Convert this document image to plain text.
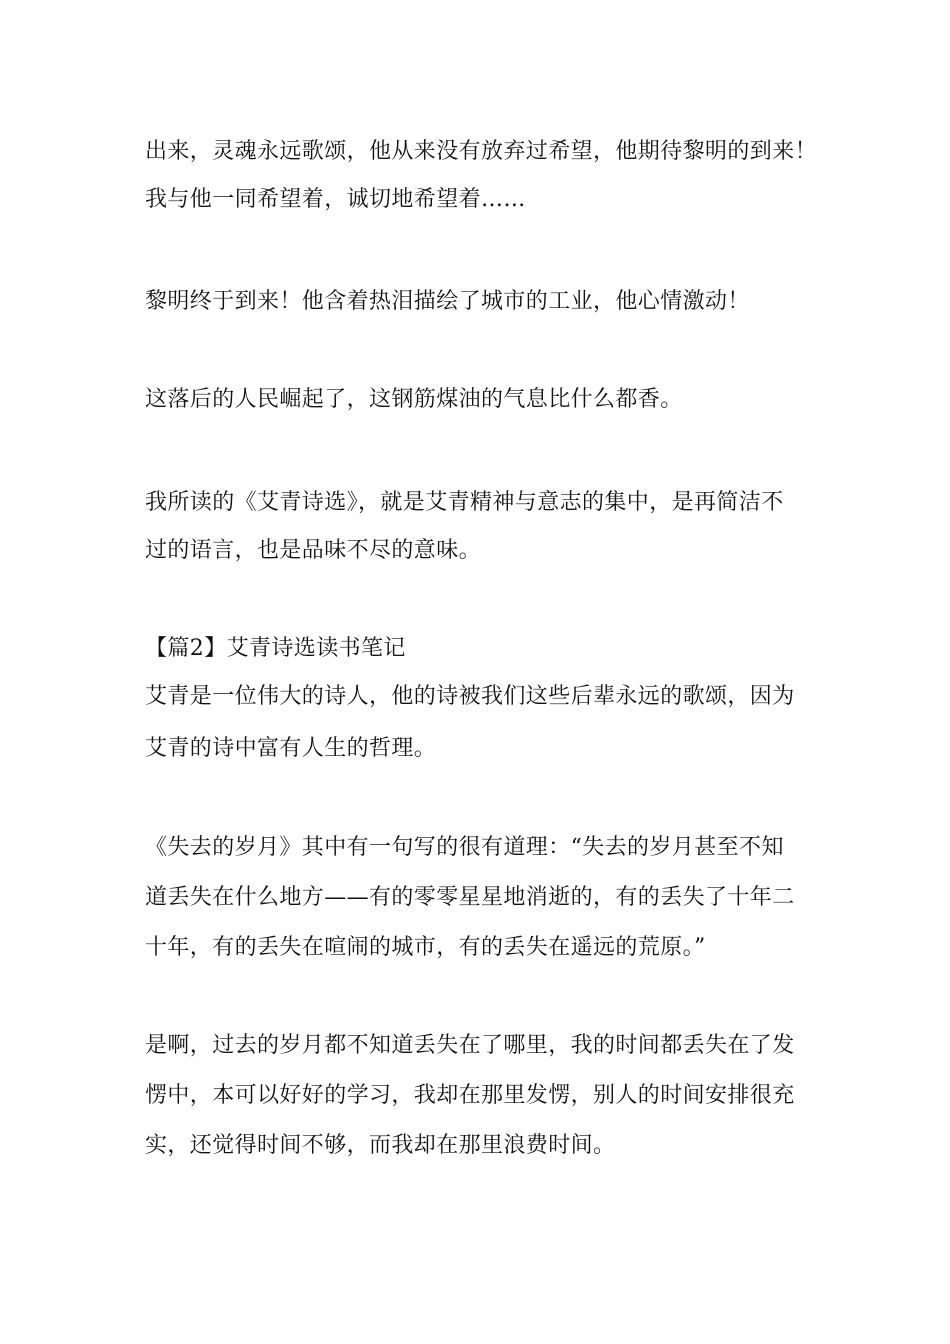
出来，灵魂永远歌颂，他从来没有放弃过希望，他期待黎明的到来！
我与他一同希望着，诚切地希望着……
黎明终于到来！他含着热泪描绘了城市的工业，他心情激动！
这落后的人民崛起了，这钢筋煤油的气息比什么都香。
我所读的《艾青诗选》，就是艾青精神与意志的集中，是再简洁不
过的语言，也是品味不尽的意味。
【篇2】艾青诗选读书笔记
艾青是一位伟大的诗人，他的诗被我们这些后辈永远的歌颂，因为
艾青的诗中富有人生的哲理。
《失去的岁月》其中有一句写的很有道理：“失去的岁月甚至不知
道丢失在什么地方——有的零零星星地消逝的，有的丢失了十年二
十年，有的丢失在喧闹的城市，有的丢失在遥远的荒原。”
是啊，过去的岁月都不知道丢失在了哪里，我的时间都丢失在了发
愣中，本可以好好的学习，我却在那里发愣，别人的时间安排很充
实，还觉得时间不够，而我却在那里浪费时间。
